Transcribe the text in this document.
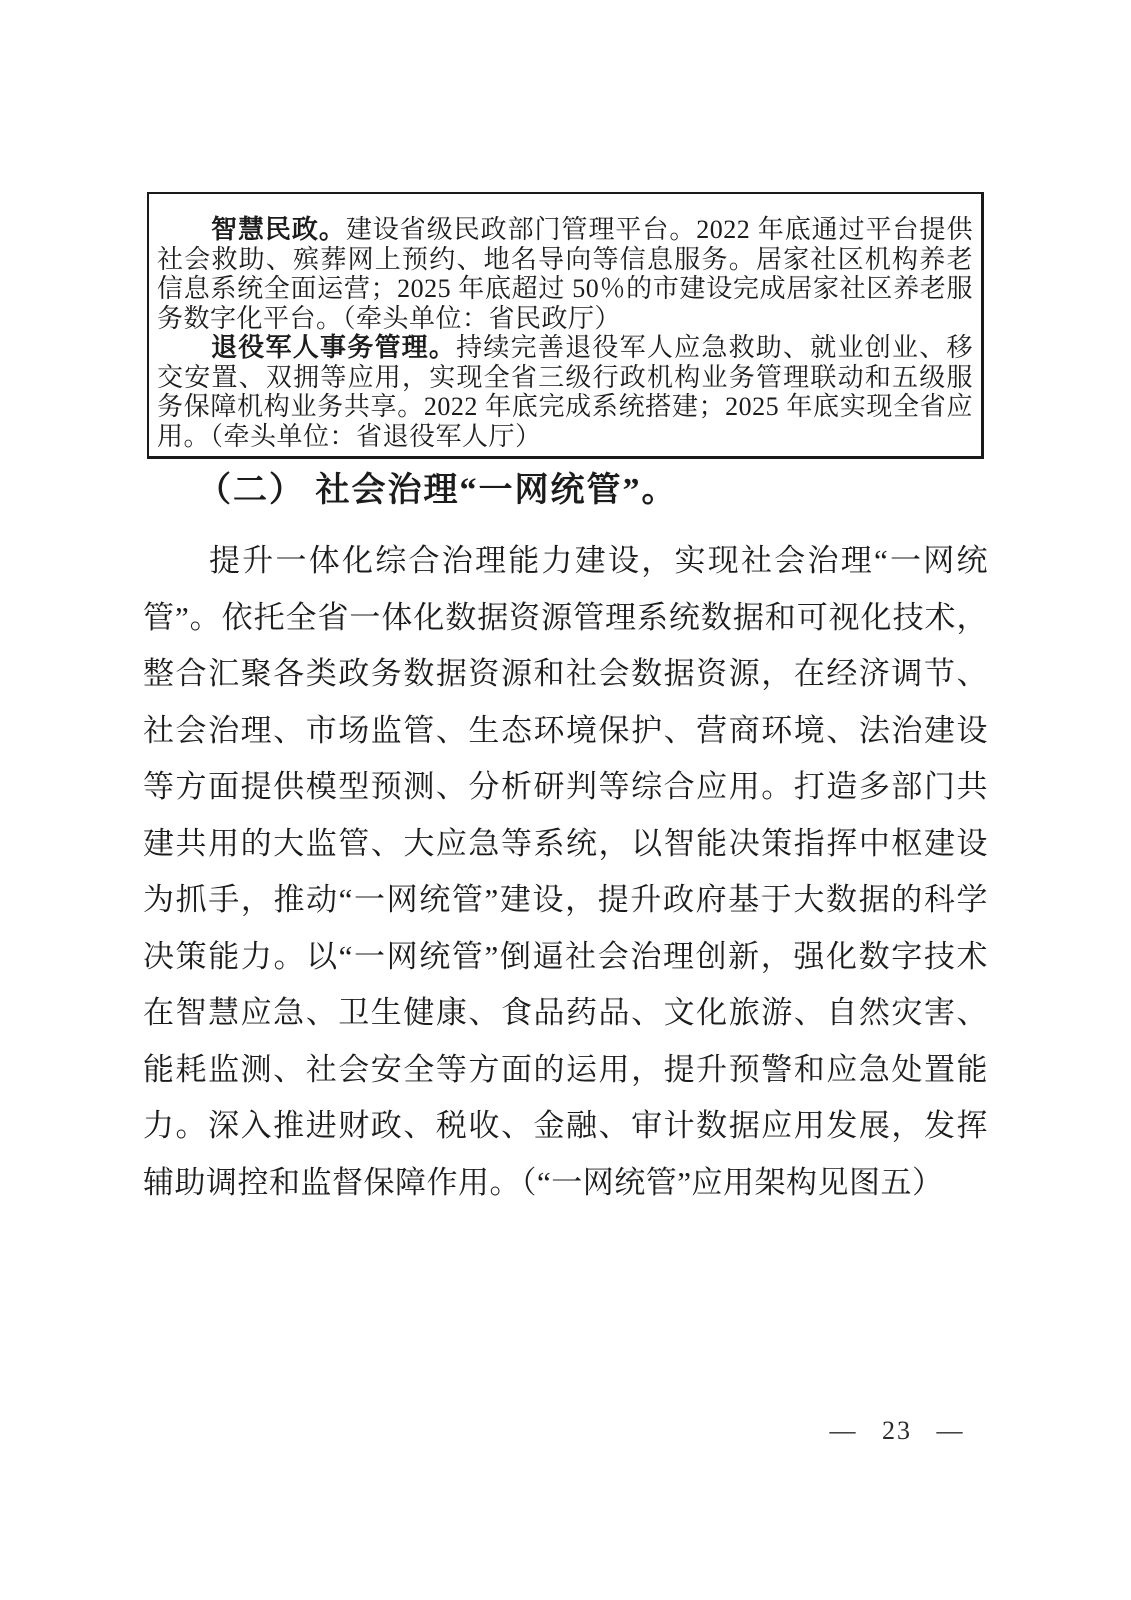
智慧民政。建设省级民政部门管理平台。2022 年底通过平台提供社会救助、殡葬网上预约、地名导向等信息服务。居家社区机构养老信息系统全面运营；2025 年底超过 50％的市建设完成居家社区养老服务数字化平台。（牵头单位：省民政厅）

退役军人事务管理。持续完善退役军人应急救助、就业创业、移交安置、双拥等应用，实现全省三级行政机构业务管理联动和五级服务保障机构业务共享。2022 年底完成系统搭建；2025 年底实现全省应用。（牵头单位：省退役军人厅）

（二） 社会治理“一网统管”。

提升一体化综合治理能力建设，实现社会治理“一网统管”。依托全省一体化数据资源管理系统数据和可视化技术，整合汇聚各类政务数据资源和社会数据资源，在经济调节、社会治理、市场监管、生态环境保护、营商环境、法治建设等方面提供模型预测、分析研判等综合应用。打造多部门共建共用的大监管、大应急等系统，以智能决策指挥中枢建设为抓手，推动“一网统管”建设，提升政府基于大数据的科学决策能力。以“一网统管”倒逼社会治理创新，强化数字技术在智慧应急、卫生健康、食品药品、文化旅游、自然灾害、能耗监测、社会安全等方面的运用，提升预警和应急处置能力。深入推进财政、税收、金融、审计数据应用发展，发挥辅助调控和监督保障作用。（“一网统管”应用架构见图五）

— 23 —
